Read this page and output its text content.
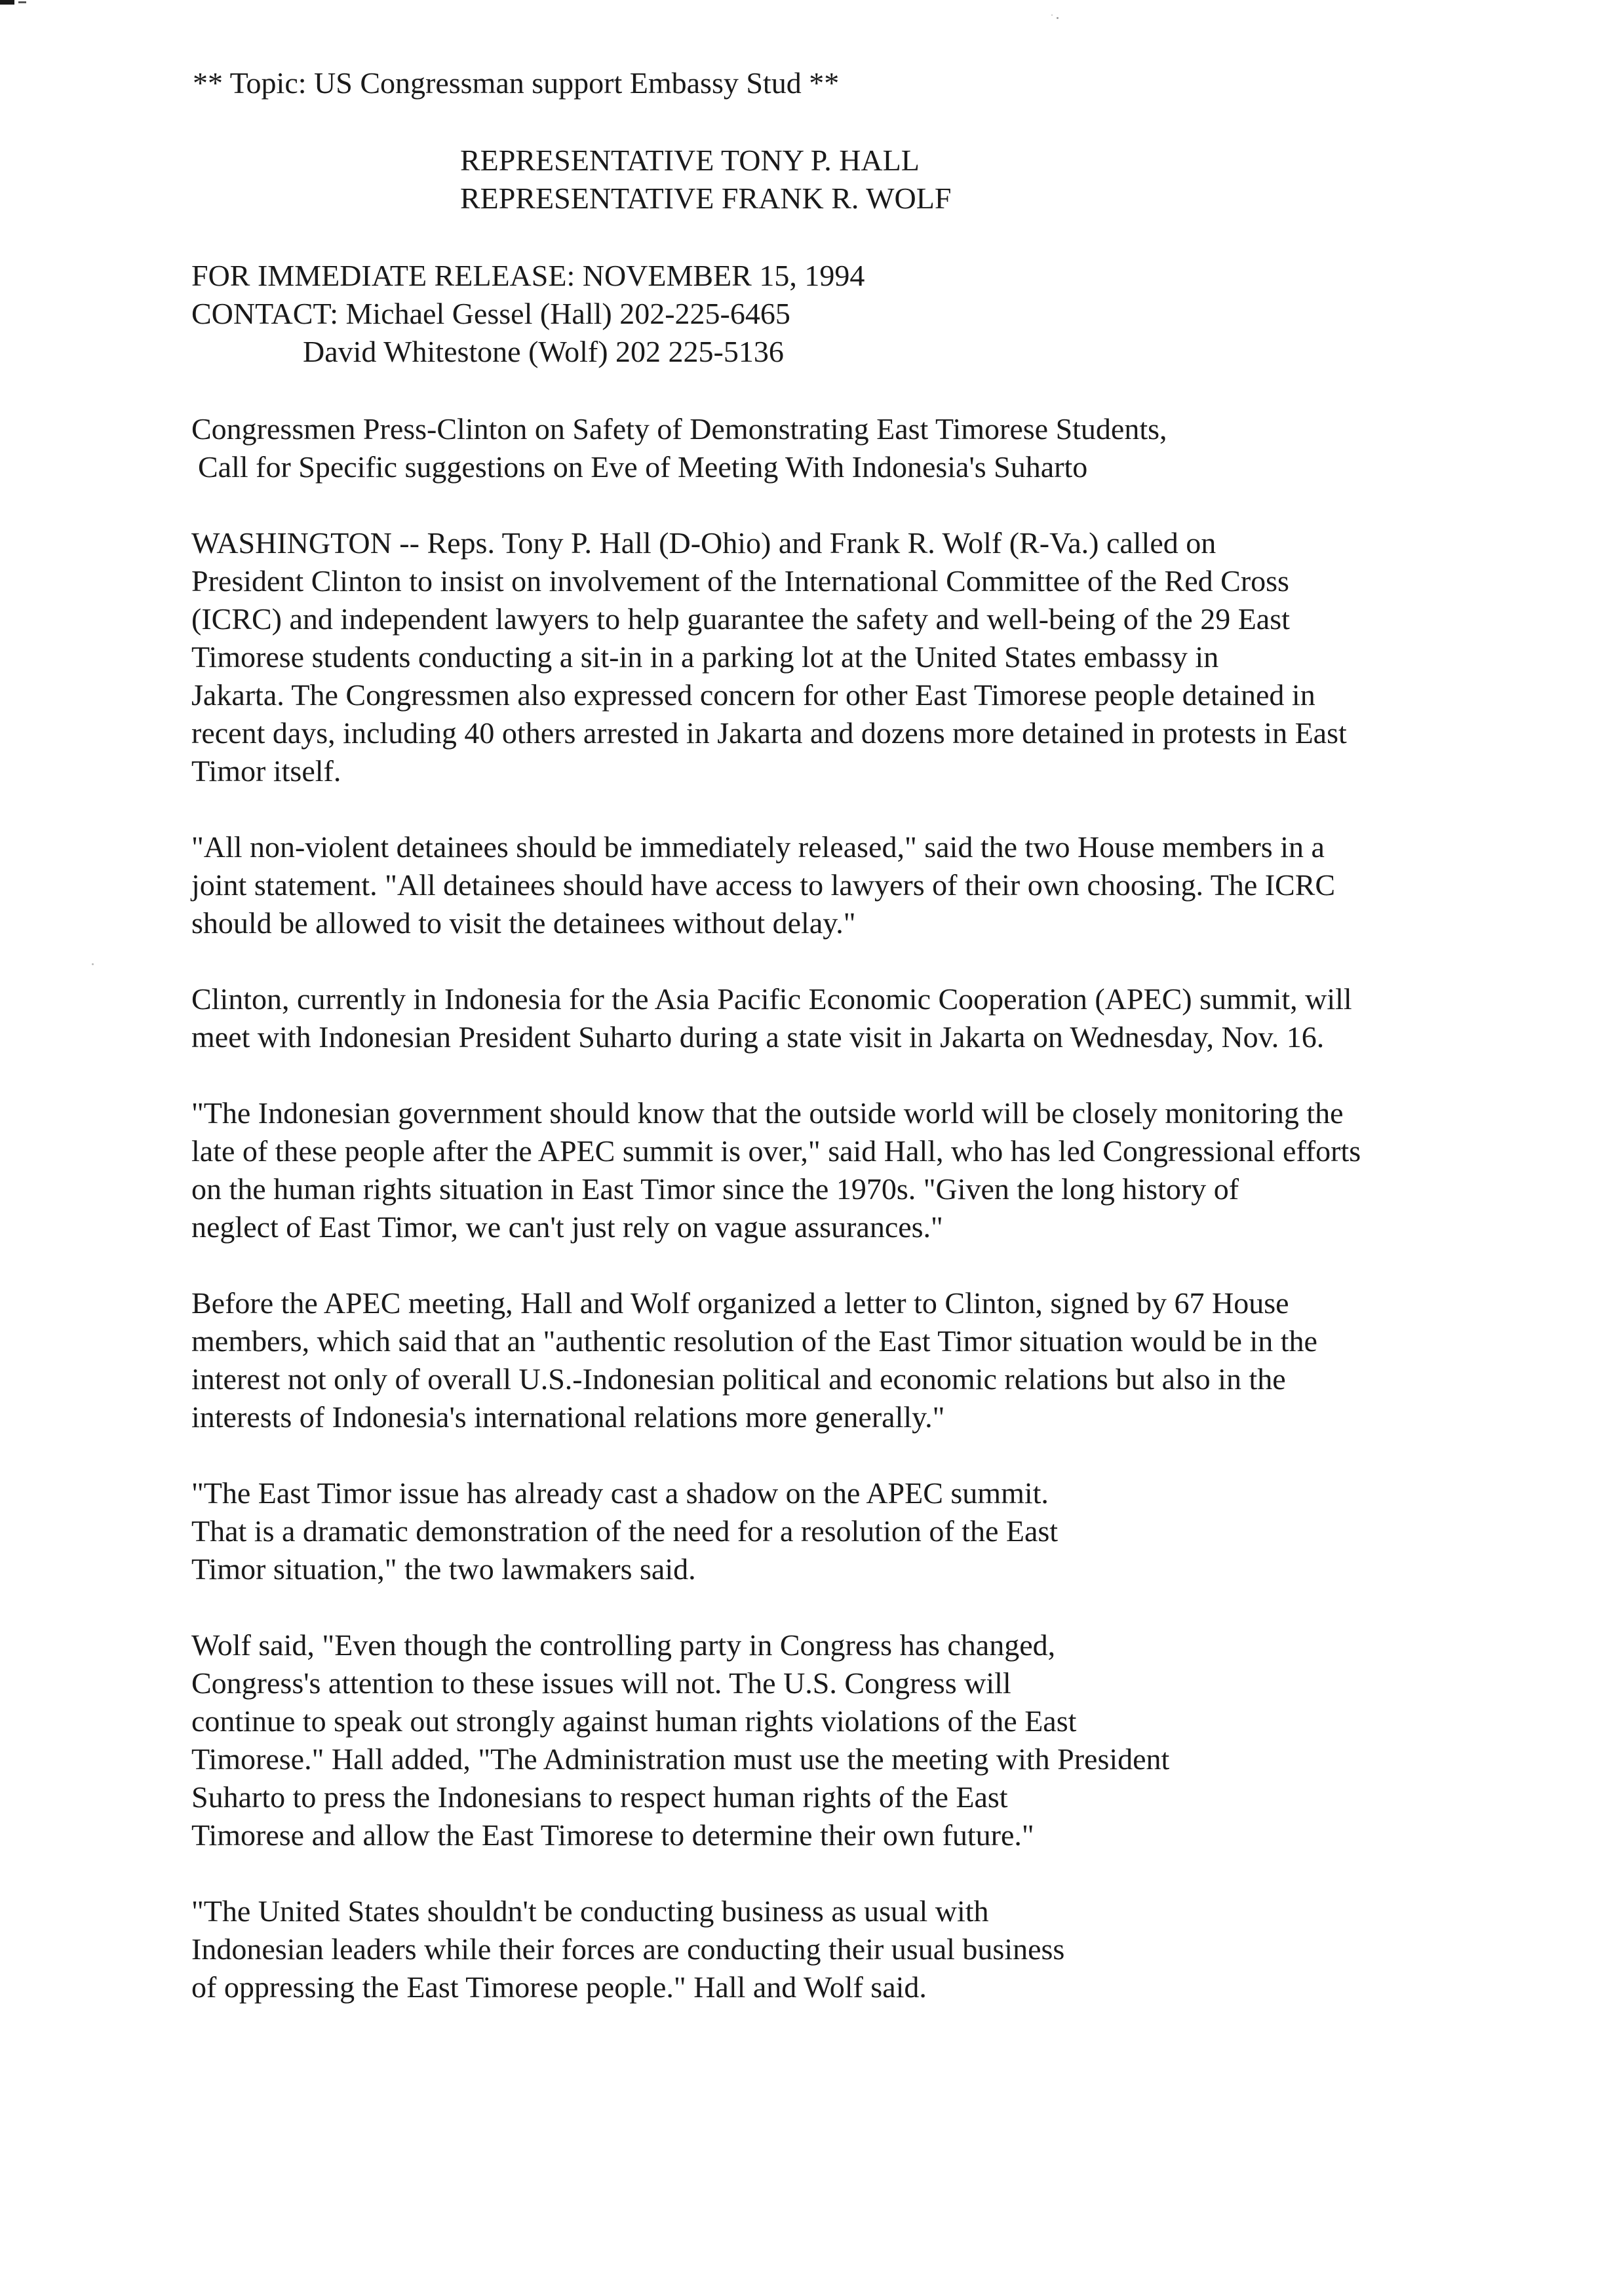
** Topic: US Congressman support Embassy Stud **
REPRESENTATIVE TONY P. HALL
REPRESENTATIVE FRANK R. WOLF
FOR IMMEDIATE RELEASE: NOVEMBER 15, 1994
CONTACT: Michael Gessel (Hall) 202-225-6465
David Whitestone (Wolf) 202 225-5136
Congressmen Press-Clinton on Safety of Demonstrating East Timorese Students,
Call for Specific suggestions on Eve of Meeting With Indonesia's Suharto
WASHINGTON -- Reps. Tony P. Hall (D-Ohio) and Frank R. Wolf (R-Va.) called on
President Clinton to insist on involvement of the International Committee of the Red Cross
(ICRC) and independent lawyers to help guarantee the safety and well-being of the 29 East
Timorese students conducting a sit-in in a parking lot at the United States embassy in
Jakarta. The Congressmen also expressed concern for other East Timorese people detained in
recent days, including 40 others arrested in Jakarta and dozens more detained in protests in East
Timor itself.
"All non-violent detainees should be immediately released," said the two House members in a
joint statement. "All detainees should have access to lawyers of their own choosing. The ICRC
should be allowed to visit the detainees without delay."
Clinton, currently in Indonesia for the Asia Pacific Economic Cooperation (APEC) summit, will
meet with Indonesian President Suharto during a state visit in Jakarta on Wednesday, Nov. 16.
"The Indonesian government should know that the outside world will be closely monitoring the
late of these people after the APEC summit is over," said Hall, who has led Congressional efforts
on the human rights situation in East Timor since the 1970s. "Given the long history of
neglect of East Timor, we can't just rely on vague assurances."
Before the APEC meeting, Hall and Wolf organized a letter to Clinton, signed by 67 House
members, which said that an "authentic resolution of the East Timor situation would be in the
interest not only of overall U.S.-Indonesian political and economic relations but also in the
interests of Indonesia's international relations more generally."
"The East Timor issue has already cast a shadow on the APEC summit.
That is a dramatic demonstration of the need for a resolution of the East
Timor situation," the two lawmakers said.
Wolf said, "Even though the controlling party in Congress has changed,
Congress's attention to these issues will not. The U.S. Congress will
continue to speak out strongly against human rights violations of the East
Timorese." Hall added, "The Administration must use the meeting with President
Suharto to press the Indonesians to respect human rights of the East
Timorese and allow the East Timorese to determine their own future."
"The United States shouldn't be conducting business as usual with
Indonesian leaders while their forces are conducting their usual business
of oppressing the East Timorese people." Hall and Wolf said.
